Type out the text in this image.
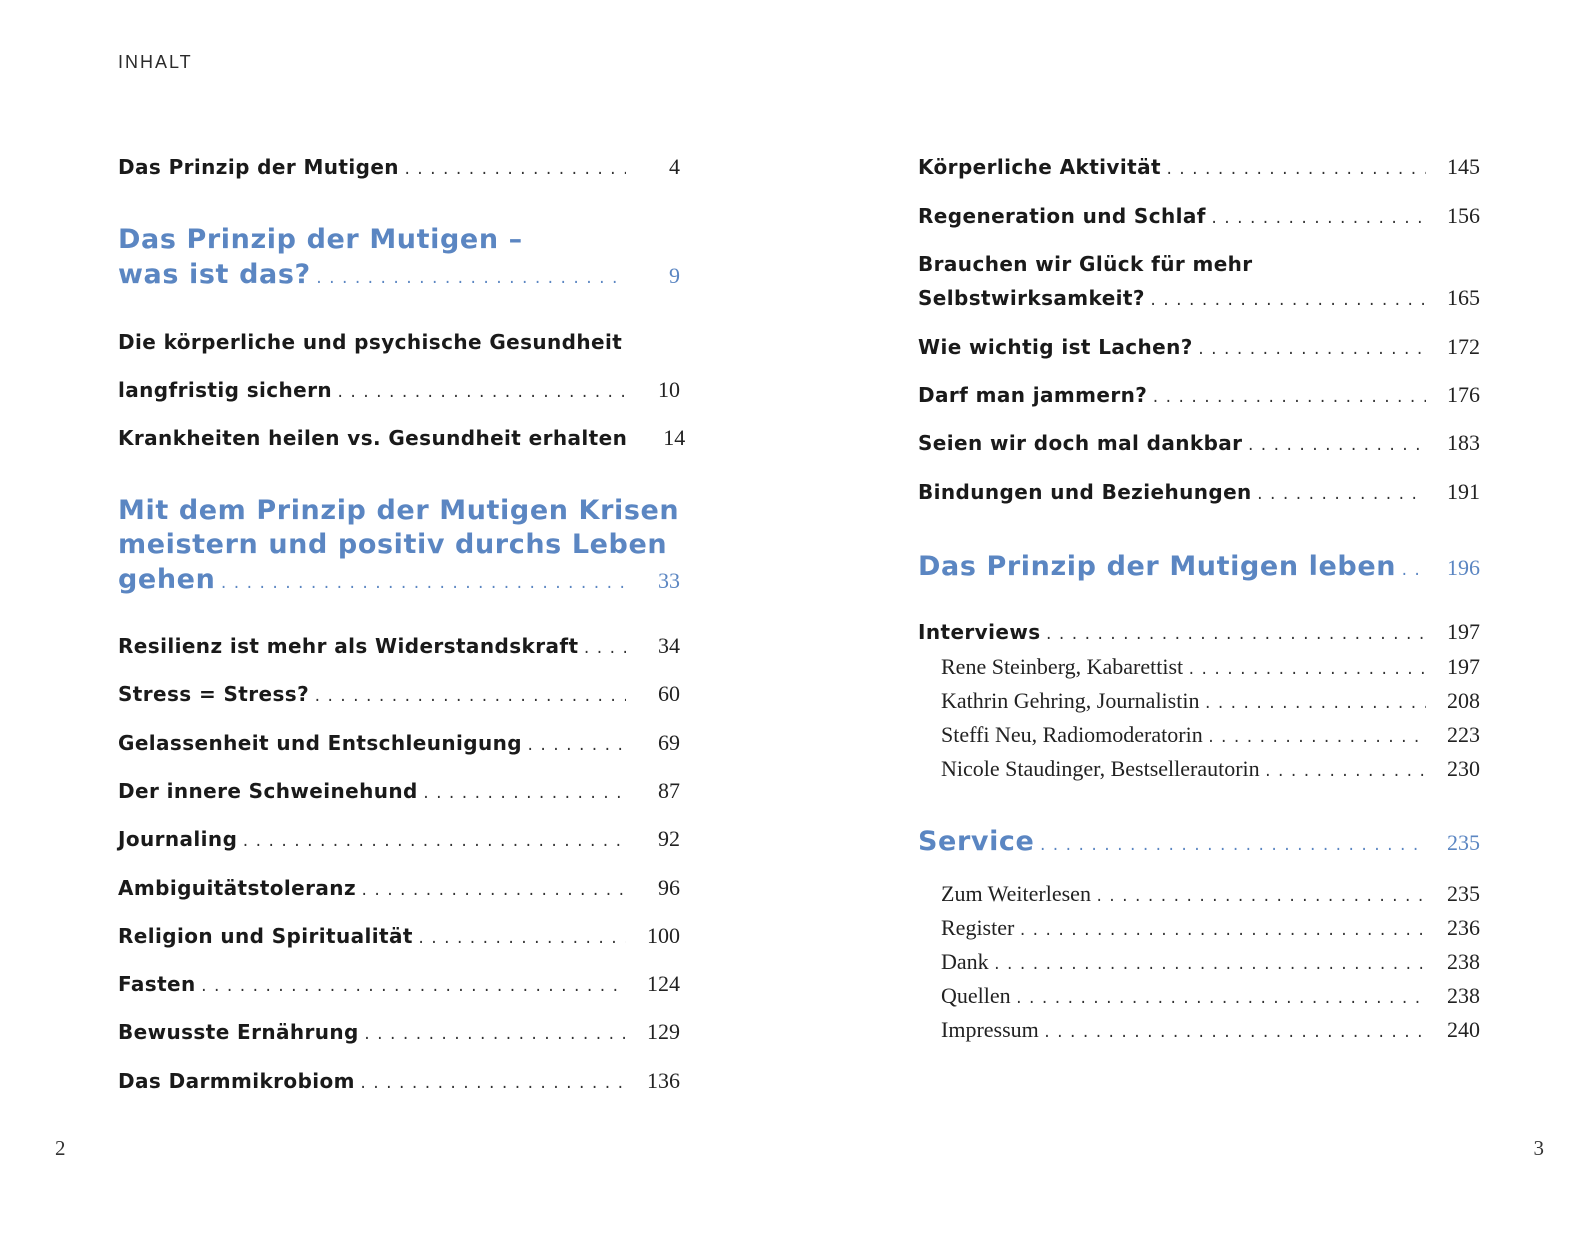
INHALT
Das Prinzip der Mutigen . . .	4
Das Prinzip der Mutigen –
was ist das? . . .	9
Die körperliche und psychische Gesundheit
langfristig sichern . . .	10
Krankheiten heilen vs. Gesundheit erhalten	14
Mit dem Prinzip der Mutigen Krisen
meistern und positiv durchs Leben
gehen . . .	33
Resilienz ist mehr als Widerstandskraft . . .	34
Stress = Stress? . . .	60
Gelassenheit und Entschleunigung . . .	69
Der innere Schweinehund . . .	87
Journaling . . .	92
Ambiguitätstoleranz . . .	96
Religion und Spiritualität . . .	100
Fasten . . .	124
Bewusste Ernährung . . .	129
Das Darmmikrobiom . . .	136
Körperliche Aktivität . . .	145
Regeneration und Schlaf . . .	156
Brauchen wir Glück für mehr
Selbstwirksamkeit? . . .	165
Wie wichtig ist Lachen? . . .	172
Darf man jammern? . . .	176
Seien wir doch mal dankbar . . .	183
Bindungen und Beziehungen . . .	191
Das Prinzip der Mutigen leben . . .	196
Interviews . . .	197
Rene Steinberg, Kabarettist . . .	197
Kathrin Gehring, Journalistin . . .	208
Steffi Neu, Radiomoderatorin . . .	223
Nicole Staudinger, Bestsellerautorin . . .	230
Service . . .	235
Zum Weiterlesen . . .	235
Register . . .	236
Dank . . .	238
Quellen . . .	238
Impressum . . .	240
2	3
